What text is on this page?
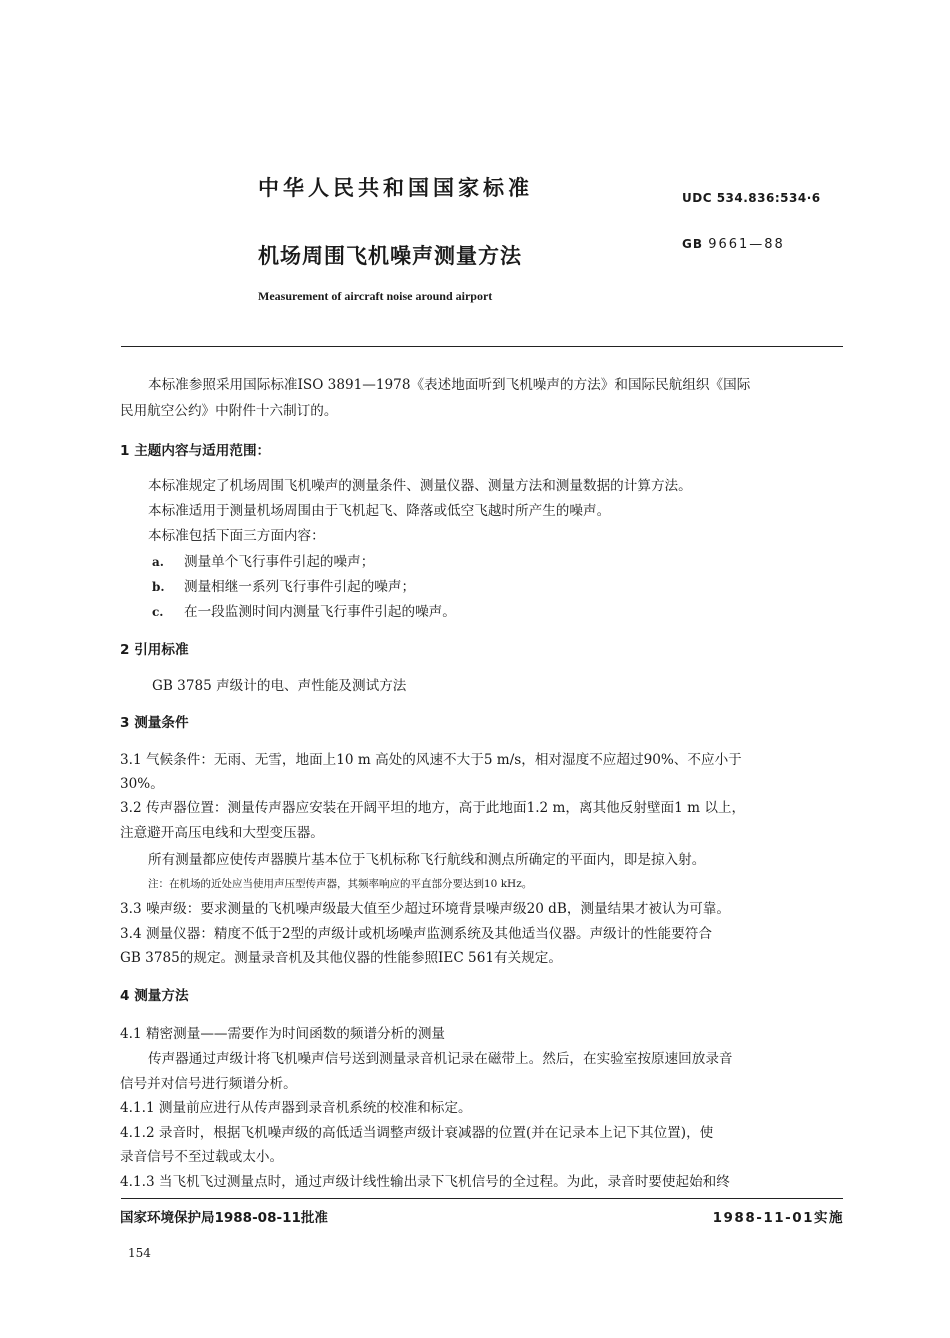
中华人民共和国国家标准	UDC 534.836:534·6
机场周围飞机噪声测量方法	GB 9661—88
Measurement of aircraft noise around airport
本标准参照采用国际标准ISO 3891—1978《表述地面听到飞机噪声的方法》和国际民航组织《国际
民用航空公约》中附件十六制订的。
1 主题内容与适用范围：
本标准规定了机场周围飞机噪声的测量条件、测量仪器、测量方法和测量数据的计算方法。
本标准适用于测量机场周围由于飞机起飞、降落或低空飞越时所产生的噪声。
本标准包括下面三方面内容：
a. 测量单个飞行事件引起的噪声；
b. 测量相继一系列飞行事件引起的噪声；
c. 在一段监测时间内测量飞行事件引起的噪声。
2 引用标准
GB 3785 声级计的电、声性能及测试方法
3 测量条件
3.1 气候条件：无雨、无雪，地面上10 m 高处的风速不大于5 m/s，相对湿度不应超过90%、不应小于
30%。
3.2 传声器位置：测量传声器应安装在开阔平坦的地方，高于此地面1.2 m，离其他反射壁面1 m 以上，
注意避开高压电线和大型变压器。
所有测量都应使传声器膜片基本位于飞机标称飞行航线和测点所确定的平面内，即是掠入射。
注：在机场的近处应当使用声压型传声器，其频率响应的平直部分要达到10 kHz。
3.3 噪声级：要求测量的飞机噪声级最大值至少超过环境背景噪声级20 dB，测量结果才被认为可靠。
3.4 测量仪器：精度不低于2型的声级计或机场噪声监测系统及其他适当仪器。声级计的性能要符合
GB 3785的规定。测量录音机及其他仪器的性能参照IEC 561有关规定。
4 测量方法
4.1 精密测量——需要作为时间函数的频谱分析的测量
传声器通过声级计将飞机噪声信号送到测量录音机记录在磁带上。然后，在实验室按原速回放录音
信号并对信号进行频谱分析。
4.1.1 测量前应进行从传声器到录音机系统的校准和标定。
4.1.2 录音时，根据飞机噪声级的高低适当调整声级计衰减器的位置(并在记录本上记下其位置)，使
录音信号不至过载或太小。
4.1.3 当飞机飞过测量点时，通过声级计线性输出录下飞机信号的全过程。为此，录音时要使起始和终
国家环境保护局1988-08-11批准	1988-11-01实施
154
